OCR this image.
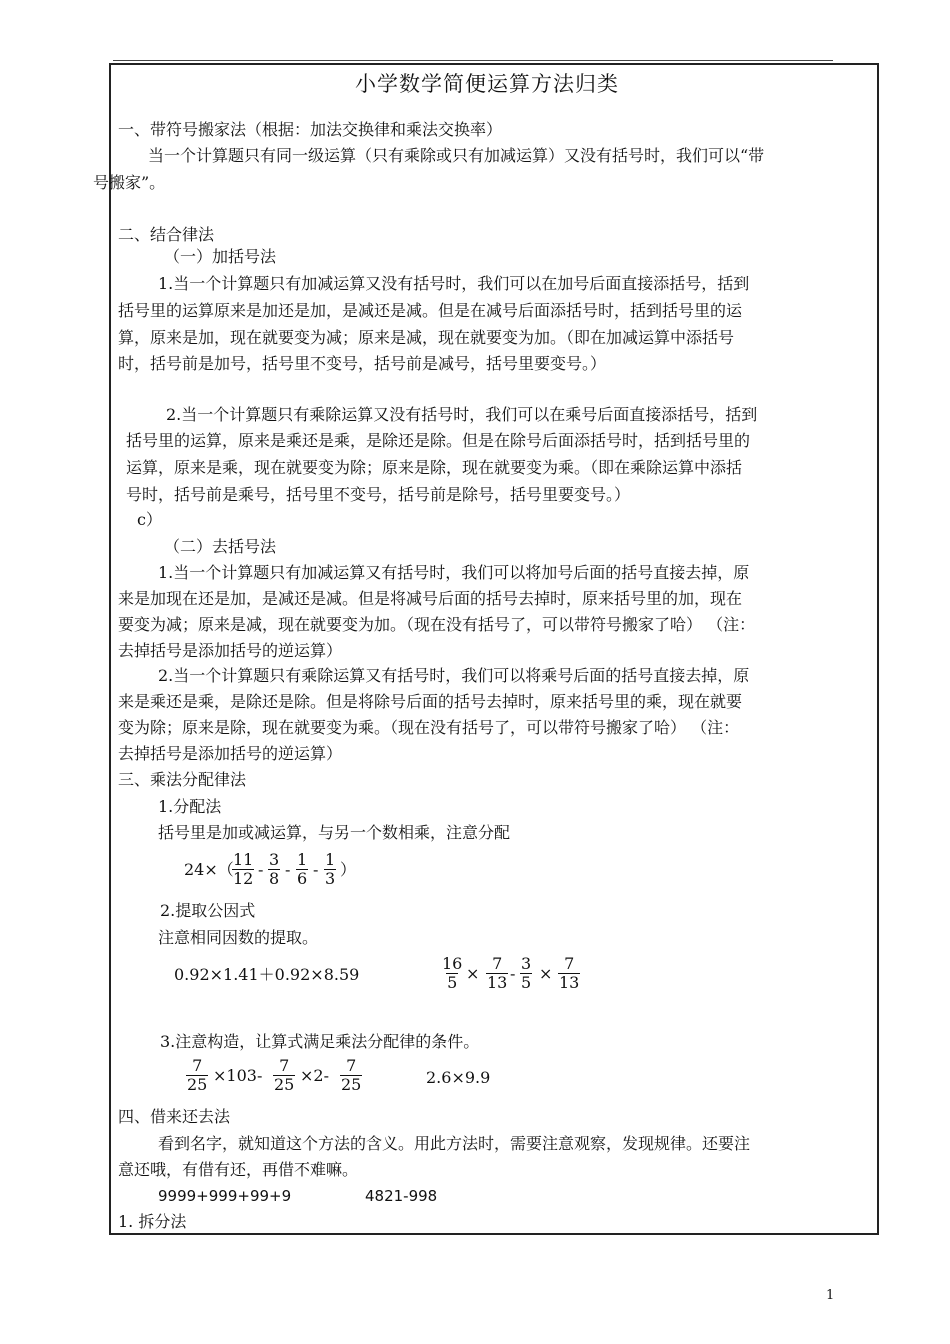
小学数学简便运算方法归类
一、带符号搬家法（根据：加法交换律和乘法交换率）
当一个计算题只有同一级运算（只有乘除或只有加减运算）又没有括号时，我们可以“带
号搬家”。
二、结合律法
（一）加括号法
1.当一个计算题只有加减运算又没有括号时，我们可以在加号后面直接添括号，括到
括号里的运算原来是加还是加，是减还是减。但是在减号后面添括号时，括到括号里的运
算，原来是加，现在就要变为减；原来是减，现在就要变为加。（即在加减运算中添括号
时，括号前是加号，括号里不变号，括号前是减号，括号里要变号。）
2.当一个计算题只有乘除运算又没有括号时，我们可以在乘号后面直接添括号，括到
括号里的运算，原来是乘还是乘，是除还是除。但是在除号后面添括号时，括到括号里的
运算，原来是乘，现在就要变为除；原来是除，现在就要变为乘。（即在乘除运算中添括
号时，括号前是乘号，括号里不变号，括号前是除号，括号里要变号。）
c）
（二）去括号法
1.当一个计算题只有加减运算又有括号时，我们可以将加号后面的括号直接去掉，原
来是加现在还是加，是减还是减。但是将减号后面的括号去掉时，原来括号里的加，现在
要变为减；原来是减，现在就要变为加。（现在没有括号了，可以带符号搬家了哈） （注：
去掉括号是添加括号的逆运算）
2.当一个计算题只有乘除运算又有括号时，我们可以将乘号后面的括号直接去掉，原
来是乘还是乘，是除还是除。但是将除号后面的括号去掉时，原来括号里的乘，现在就要
变为除；原来是除，现在就要变为乘。（现在没有括号了，可以带符号搬家了哈） （注：
去掉括号是添加括号的逆运算）
三、乘法分配律法
1.分配法
括号里是加或减运算，与另一个数相乘，注意分配
24×（
$\frac{11}{12} - \frac{3}{8} - \frac{1}{6} - \frac{1}{3}$ ）
2.提取公因式
注意相同因数的提取。
0.92×1.41＋0.92×8.59	$\frac{16}{5} \times \frac{7}{13} - \frac{3}{5} \times \frac{7}{13}$
3.注意构造，让算式满足乘法分配律的条件。
$\frac{7}{25} \times 103- \frac{7}{25} \times 2- \frac{7}{25}$	2.6×9.9
四、借来还去法
看到名字，就知道这个方法的含义。用此方法时，需要注意观察，发现规律。还要注
意还哦，有借有还，再借不难嘛。
9999+999+99+9	4821-998
1. 拆分法
1
